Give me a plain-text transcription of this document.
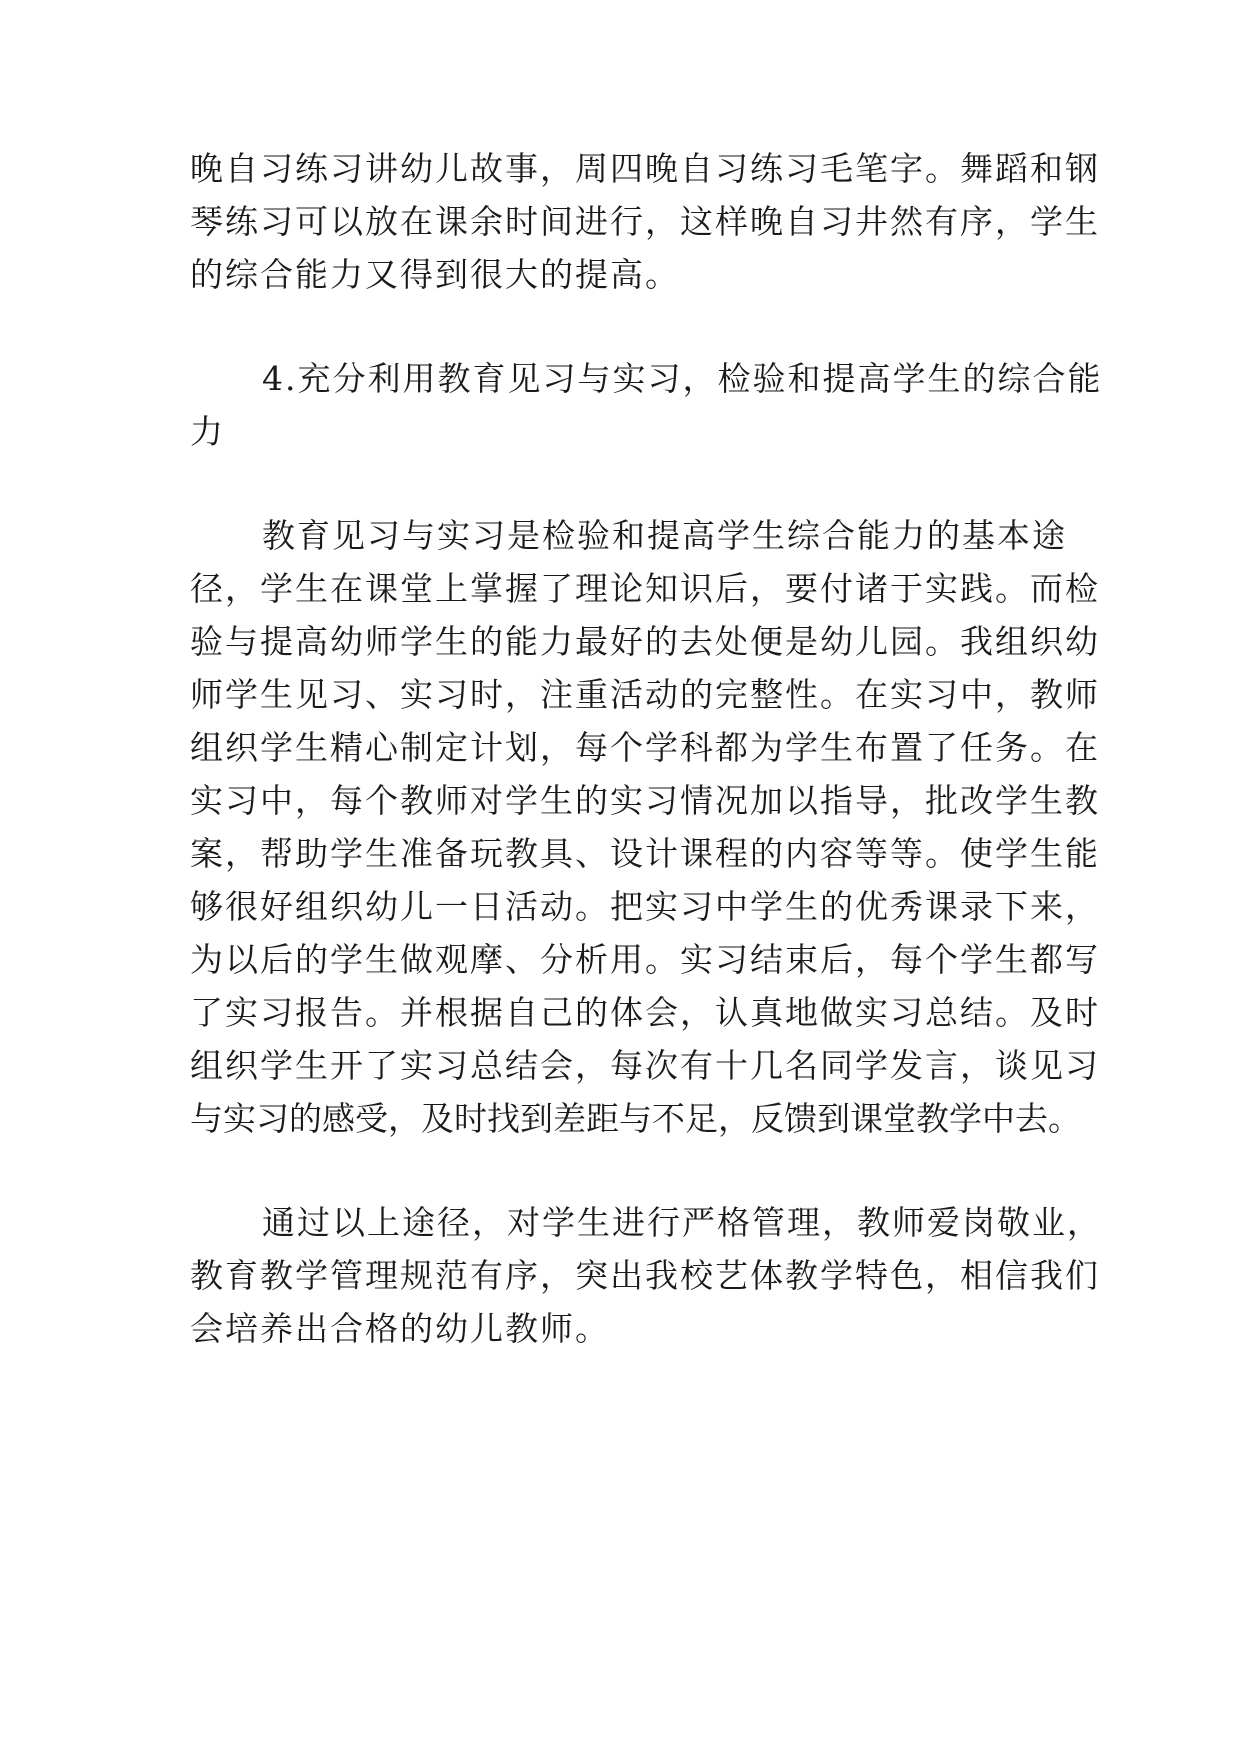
晚自习练习讲幼儿故事，周四晚自习练习毛笔字。舞蹈和钢
琴练习可以放在课余时间进行，这样晚自习井然有序，学生
的综合能力又得到很大的提高。
4.充分利用教育见习与实习，检验和提高学生的综合能
力
教育见习与实习是检验和提高学生综合能力的基本途
径，学生在课堂上掌握了理论知识后，要付诸于实践。而检
验与提高幼师学生的能力最好的去处便是幼儿园。我组织幼
师学生见习、实习时，注重活动的完整性。在实习中，教师
组织学生精心制定计划，每个学科都为学生布置了任务。在
实习中，每个教师对学生的实习情况加以指导，批改学生教
案，帮助学生准备玩教具、设计课程的内容等等。使学生能
够很好组织幼儿一日活动。把实习中学生的优秀课录下来，
为以后的学生做观摩、分析用。实习结束后，每个学生都写
了实习报告。并根据自己的体会，认真地做实习总结。及时
组织学生开了实习总结会，每次有十几名同学发言，谈见习
与实习的感受，及时找到差距与不足，反馈到课堂教学中去。
通过以上途径，对学生进行严格管理，教师爱岗敬业，
教育教学管理规范有序，突出我校艺体教学特色，相信我们
会培养出合格的幼儿教师。
